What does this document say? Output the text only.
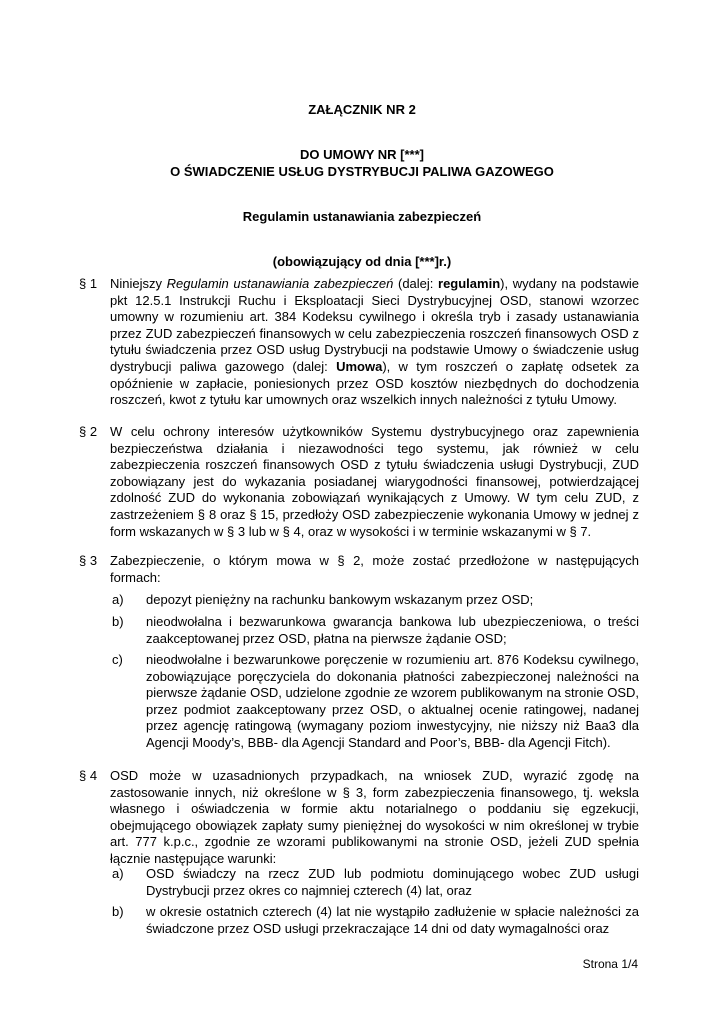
ZAŁĄCZNIK NR 2
DO UMOWY NR [***]
O ŚWIADCZENIE USŁUG DYSTRYBUCJI PALIWA GAZOWEGO
Regulamin ustanawiania zabezpieczeń
(obowiązujący od dnia [***]r.)
§ 1 Niniejszy Regulamin ustanawiania zabezpieczeń (dalej: regulamin), wydany na podstawie pkt 12.5.1 Instrukcji Ruchu i Eksploatacji Sieci Dystrybucyjnej OSD, stanowi wzorzec umowny w rozumieniu art. 384 Kodeksu cywilnego i określa tryb i zasady ustanawiania przez ZUD zabezpieczeń finansowych w celu zabezpieczenia roszczeń finansowych OSD z tytułu świadczenia przez OSD usług Dystrybucji na podstawie Umowy o świadczenie usług dystrybucji paliwa gazowego (dalej: Umowa), w tym roszczeń o zapłatę odsetek za opóźnienie w zapłacie, poniesionych przez OSD kosztów niezbędnych do dochodzenia roszczeń, kwot z tytułu kar umownych oraz wszelkich innych należności z tytułu Umowy.
§ 2 W celu ochrony interesów użytkowników Systemu dystrybucyjnego oraz zapewnienia bezpieczeństwa działania i niezawodności tego systemu, jak również w celu zabezpieczenia roszczeń finansowych OSD z tytułu świadczenia usługi Dystrybucji, ZUD zobowiązany jest do wykazania posiadanej wiarygodności finansowej, potwierdzającej zdolność ZUD do wykonania zobowiązań wynikających z Umowy. W tym celu ZUD, z zastrzeżeniem § 8 oraz § 15, przedłoży OSD zabezpieczenie wykonania Umowy w jednej z form wskazanych w § 3 lub w § 4, oraz w wysokości i w terminie wskazanymi w § 7.
§ 3 Zabezpieczenie, o którym mowa w § 2, może zostać przedłożone w następujących formach:
a) depozyt pieniężny na rachunku bankowym wskazanym przez OSD;
b) nieodwołalna i bezwarunkowa gwarancja bankowa lub ubezpieczeniowa, o treści zaakceptowanej przez OSD, płatna na pierwsze żądanie OSD;
c) nieodwołalne i bezwarunkowe poręczenie w rozumieniu art. 876 Kodeksu cywilnego, zobowiązujące poręczyciela do dokonania płatności zabezpieczonej należności na pierwsze żądanie OSD, udzielone zgodnie ze wzorem publikowanym na stronie OSD, przez podmiot zaakceptowany przez OSD, o aktualnej ocenie ratingowej, nadanej przez agencję ratingową (wymagany poziom inwestycyjny, nie niższy niż Baa3 dla Agencji Moody’s, BBB- dla Agencji Standard and Poor’s, BBB- dla Agencji Fitch).
§ 4 OSD może w uzasadnionych przypadkach, na wniosek ZUD, wyrazić zgodę na zastosowanie innych, niż określone w § 3, form zabezpieczenia finansowego, tj. weksla własnego i oświadczenia w formie aktu notarialnego o poddaniu się egzekucji, obejmującego obowiązek zapłaty sumy pieniężnej do wysokości w nim określonej w trybie art. 777 k.p.c., zgodnie ze wzorami publikowanymi na stronie OSD, jeżeli ZUD spełnia łącznie następujące warunki:
a) OSD świadczy na rzecz ZUD lub podmiotu dominującego wobec ZUD usługi Dystrybucji przez okres co najmniej czterech (4) lat, oraz
b) w okresie ostatnich czterech (4) lat nie wystąpiło zadłużenie w spłacie należności za świadczone przez OSD usługi przekraczające 14 dni od daty wymagalności oraz
Strona 1/4
